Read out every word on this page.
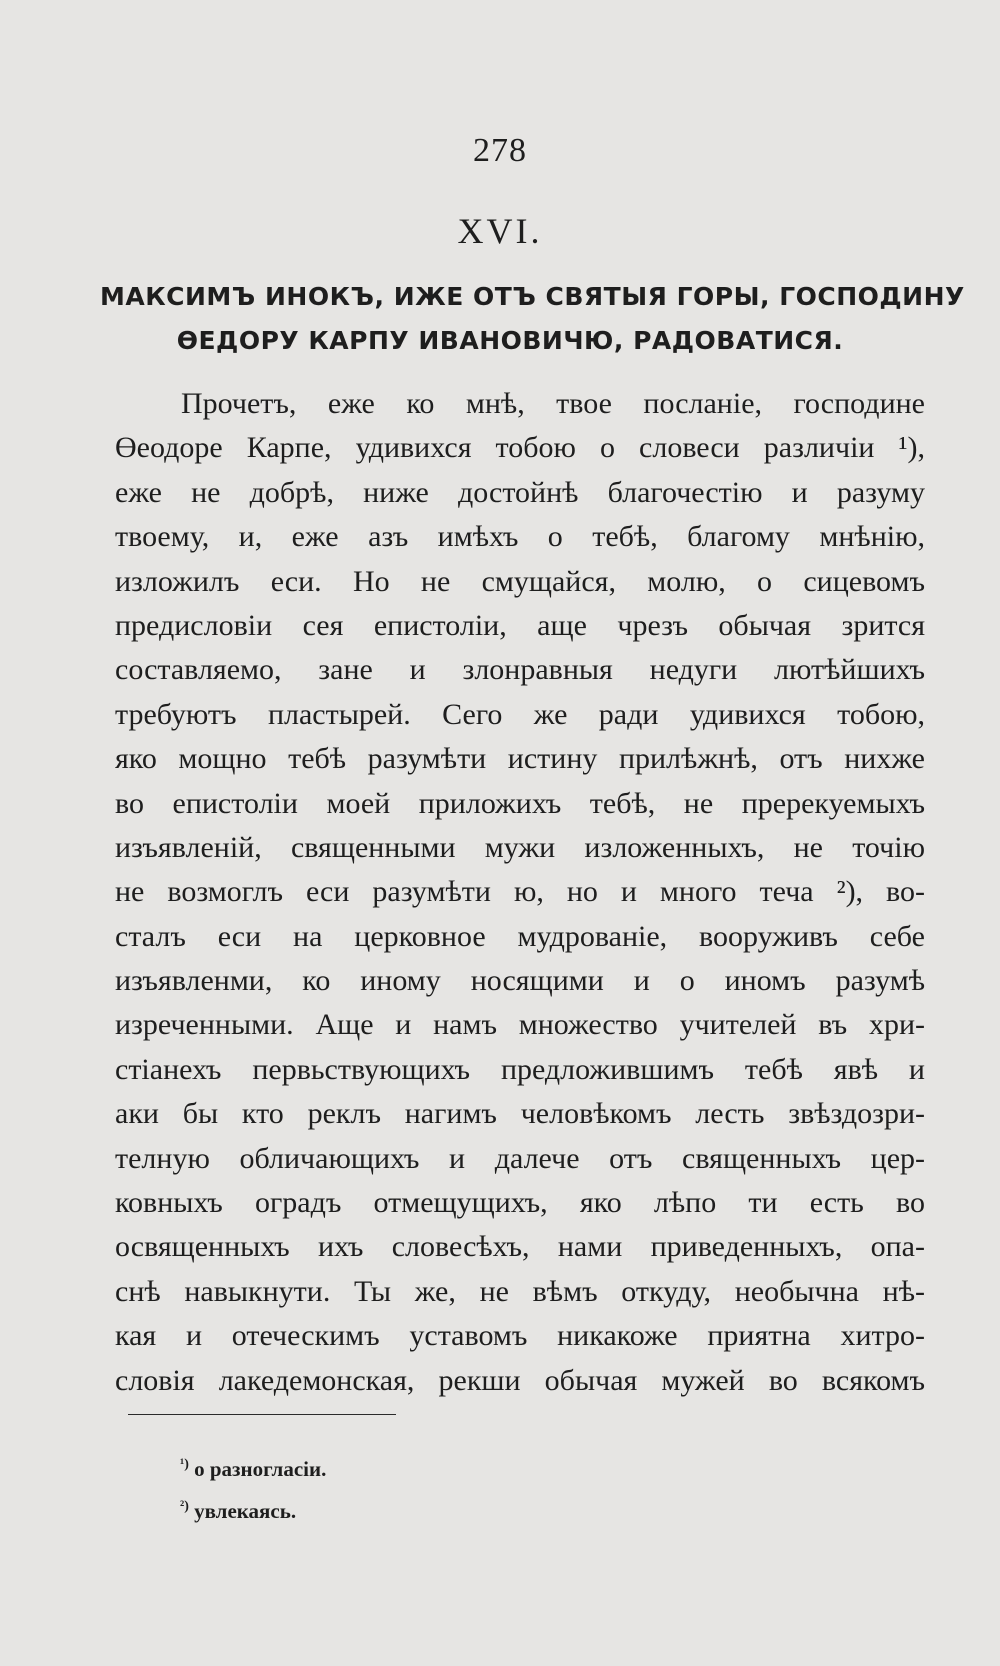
278
XVI.
МАКСИМЪ ИНОКЪ, ИЖЕ ОТЪ СВЯТЫЯ ГОРЫ, ГОСПОДИНУ
ӨЕДОРУ КАРПУ ИВАНОВИЧЮ, РАДОВАТИСЯ.
Прочетъ, еже ко мнѣ, твое посланіе, господине
Өеодоре Карпе, удивихся тобою о словеси различіи ¹),
еже не добрѣ, ниже достойнѣ благочестію и разуму
твоему, и, еже азъ имѣхъ о тебѣ, благому мнѣнію,
изложилъ еси. Но не смущайся, молю, о сицевомъ
предисловіи сея епистоліи, аще чрезъ обычая зрится
составляемо, зане и злонравныя недуги лютѣйшихъ
требуютъ пластырей. Сего же ради удивихся тобою,
яко мощно тебѣ разумѣти истину прилѣжнѣ, отъ нихже
во епистоліи моей приложихъ тебѣ, не пререкуемыхъ
изъявленій, священными мужи изложенныхъ, не точію
не возмоглъ еси разумѣти ю, но и много теча ²), во-
сталъ еси на церковное мудрованіе, вооруживъ себе
изъявленми, ко иному носящими и о иномъ разумѣ
изреченными. Аще и намъ множество учителей въ хри-
стіанехъ первьствующихъ предложившимъ тебѣ явѣ и
аки бы кто реклъ нагимъ человѣкомъ лесть звѣздозри-
телную обличающихъ и далече отъ священныхъ цер-
ковныхъ оградъ отмещущихъ, яко лѣпо ти есть во
освященныхъ ихъ словесѣхъ, нами приведенныхъ, опа-
снѣ навыкнути. Ты же, не вѣмъ откуду, необычна нѣ-
кая и отеческимъ уставомъ никакоже приятна хитро-
словія лакедемонская, рекши обычая мужей во всякомъ
$^{^1)}$ о разногласіи.
$^{^2)}$ увлекаясь.
